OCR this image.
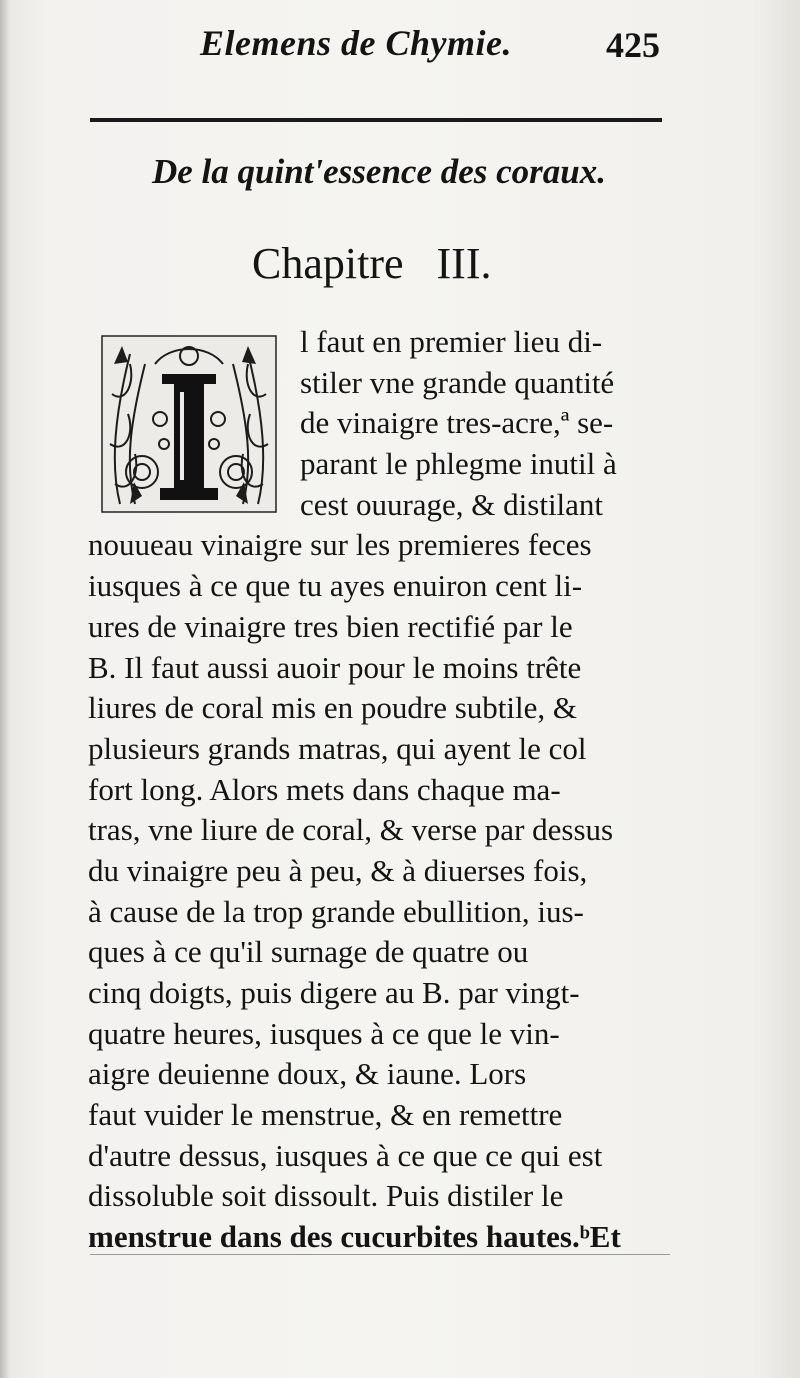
Elemens de Chymie.	425
De la quint'essence des coraux.
Chapitre III.
l faut en premier lieu di-
stiler vne grande quantité
de vinaigre tres-acre,ª se-
parant le phlegme inutil à
cest ouurage, & distilant
nouueau vinaigre sur les premieres feces
iusques à ce que tu ayes enuiron cent li-
ures de vinaigre tres bien rectifié par le
B. Il faut aussi auoir pour le moins trête
liures de coral mis en poudre subtile, &
plusieurs grands matras, qui ayent le col
fort long. Alors mets dans chaque ma-
tras, vne liure de coral, & verse par dessus
du vinaigre peu à peu, & à diuerses fois,
à cause de la trop grande ebullition, ius-
ques à ce qu'il surnage de quatre ou
cinq doigts, puis digere au B. par vingt-
quatre heures, iusques à ce que le vin-
aigre deuienne doux, & iaune. Lors
faut vuider le menstrue, & en remettre
d'autre dessus, iusques à ce que ce qui est
dissoluble soit dissoult. Puis distiler le
menstrue dans des cucurbites hautes.ᵇEt
